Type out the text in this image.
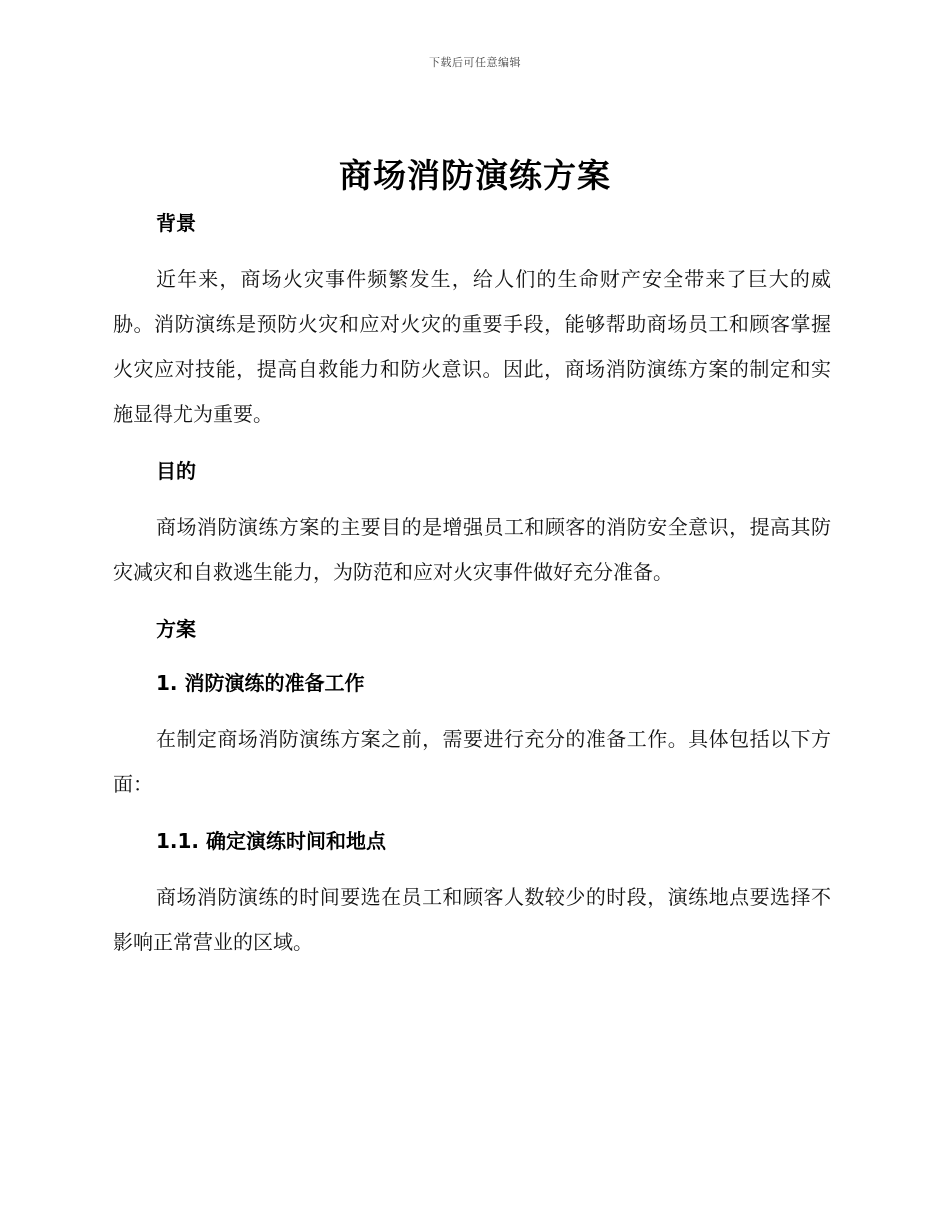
下载后可任意编辑
商场消防演练方案

背景

近年来，商场火灾事件频繁发生，给人们的生命财产安全带来了巨大的威胁。消防演练是预防火灾和应对火灾的重要手段，能够帮助商场员工和顾客掌握火灾应对技能，提高自救能力和防火意识。因此，商场消防演练方案的制定和实施显得尤为重要。

目的

商场消防演练方案的主要目的是增强员工和顾客的消防安全意识，提高其防灾减灾和自救逃生能力，为防范和应对火灾事件做好充分准备。

方案

1. 消防演练的准备工作

在制定商场消防演练方案之前，需要进行充分的准备工作。具体包括以下方面：

1.1. 确定演练时间和地点

商场消防演练的时间要选在员工和顾客人数较少的时段，演练地点要选择不影响正常营业的区域。
